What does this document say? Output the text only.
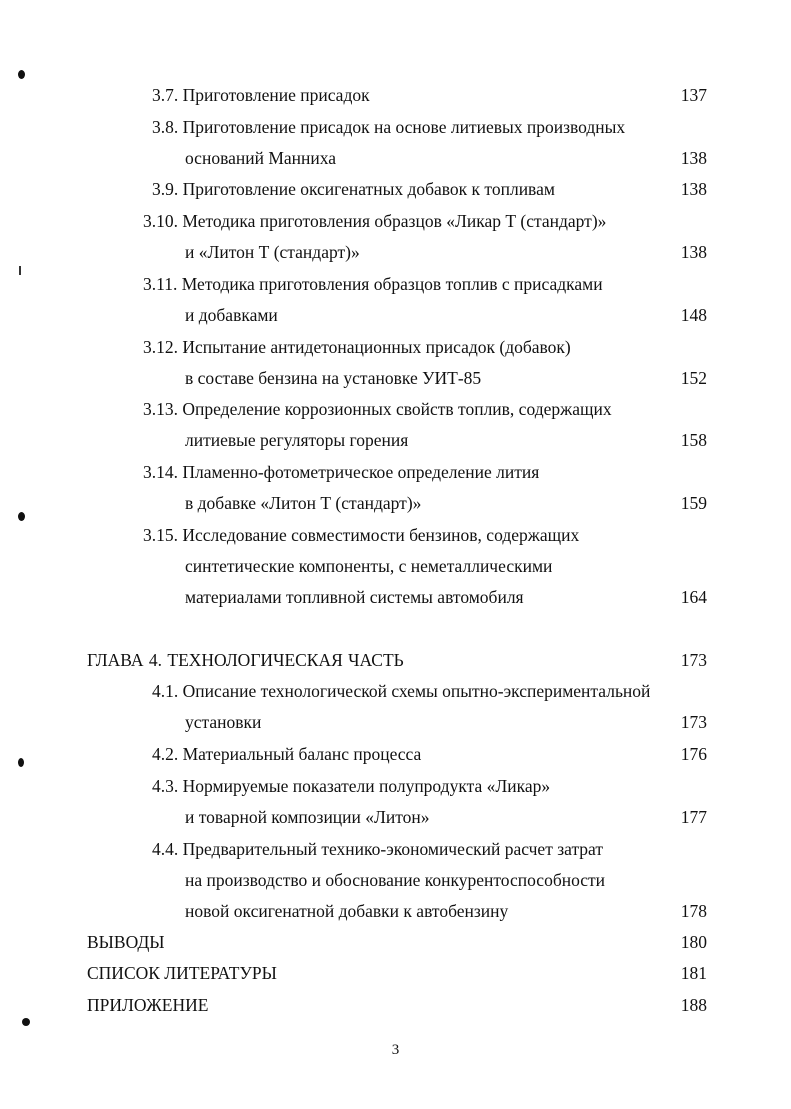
3.7. Приготовление присадок	137
3.8. Приготовление присадок на основе литиевых производных
оснований Манниха	138
3.9. Приготовление оксигенатных добавок к топливам	138
3.10. Методика приготовления образцов «Ликар Т (стандарт)»
и «Литон Т (стандарт)»	138
3.11. Методика приготовления образцов топлив с присадками
и добавками	148
3.12. Испытание антидетонационных присадок (добавок)
в составе бензина на установке УИТ-85	152
3.13. Определение коррозионных свойств топлив, содержащих
литиевые регуляторы горения	158
3.14. Пламенно-фотометрическое определение лития
в добавке «Литон Т (стандарт)»	159
3.15. Исследование совместимости бензинов, содержащих
синтетические компоненты, с неметаллическими
материалами топливной системы автомобиля	164
ГЛАВА 4. ТЕХНОЛОГИЧЕСКАЯ ЧАСТЬ	173
4.1. Описание технологической схемы опытно-экспериментальной
установки	173
4.2. Материальный баланс процесса	176
4.3. Нормируемые показатели полупродукта «Ликар»
и товарной композиции «Литон»	177
4.4. Предварительный технико-экономический расчет затрат
на производство и обоснование конкурентоспособности
новой оксигенатной добавки к автобензину	178
ВЫВОДЫ	180
СПИСОК ЛИТЕРАТУРЫ	181
ПРИЛОЖЕНИЕ	188
3
